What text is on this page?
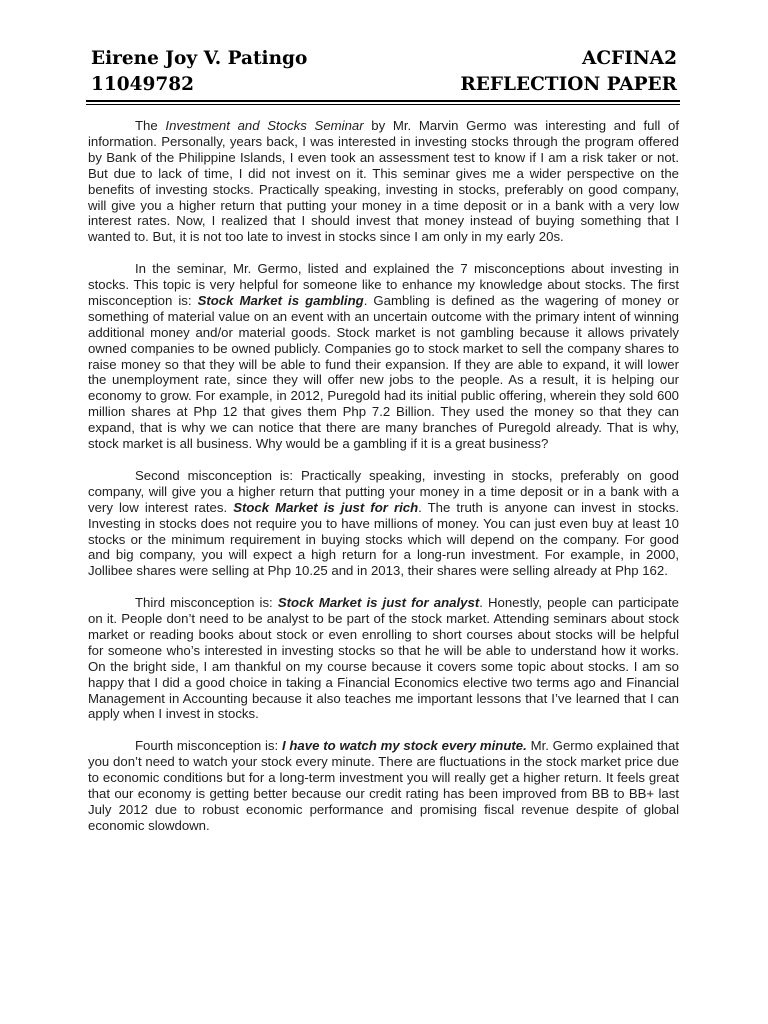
Eirene Joy V. Patingo	ACFINA2
11049782	REFLECTION PAPER

The Investment and Stocks Seminar by Mr. Marvin Germo was interesting and full of information. Personally, years back, I was interested in investing stocks through the program offered by Bank of the Philippine Islands, I even took an assessment test to know if I am a risk taker or not. But due to lack of time, I did not invest on it. This seminar gives me a wider perspective on the benefits of investing stocks. Practically speaking, investing in stocks, preferably on good company, will give you a higher return that putting your money in a time deposit or in a bank with a very low interest rates. Now, I realized that I should invest that money instead of buying something that I wanted to. But, it is not too late to invest in stocks since I am only in my early 20s.

In the seminar, Mr. Germo, listed and explained the 7 misconceptions about investing in stocks. This topic is very helpful for someone like to enhance my knowledge about stocks. The first misconception is: Stock Market is gambling. Gambling is defined as the wagering of money or something of material value on an event with an uncertain outcome with the primary intent of winning additional money and/or material goods. Stock market is not gambling because it allows privately owned companies to be owned publicly. Companies go to stock market to sell the company shares to raise money so that they will be able to fund their expansion. If they are able to expand, it will lower the unemployment rate, since they will offer new jobs to the people. As a result, it is helping our economy to grow. For example, in 2012, Puregold had its initial public offering, wherein they sold 600 million shares at Php 12 that gives them Php 7.2 Billion. They used the money so that they can expand, that is why we can notice that there are many branches of Puregold already. That is why, stock market is all business. Why would be a gambling if it is a great business?

Second misconception is: Practically speaking, investing in stocks, preferably on good company, will give you a higher return that putting your money in a time deposit or in a bank with a very low interest rates. Stock Market is just for rich. The truth is anyone can invest in stocks. Investing in stocks does not require you to have millions of money. You can just even buy at least 10 stocks or the minimum requirement in buying stocks which will depend on the company. For good and big company, you will expect a high return for a long-run investment. For example, in 2000, Jollibee shares were selling at Php 10.25 and in 2013, their shares were selling already at Php 162.

Third misconception is: Stock Market is just for analyst. Honestly, people can participate on it. People don’t need to be analyst to be part of the stock market. Attending seminars about stock market or reading books about stock or even enrolling to short courses about stocks will be helpful for someone who’s interested in investing stocks so that he will be able to understand how it works. On the bright side, I am thankful on my course because it covers some topic about stocks. I am so happy that I did a good choice in taking a Financial Economics elective two terms ago and Financial Management in Accounting because it also teaches me important lessons that I’ve learned that I can apply when I invest in stocks.

Fourth misconception is: I have to watch my stock every minute. Mr. Germo explained that you don’t need to watch your stock every minute. There are fluctuations in the stock market price due to economic conditions but for a long-term investment you will really get a higher return. It feels great that our economy is getting better because our credit rating has been improved from BB to BB+ last July 2012 due to robust economic performance and promising fiscal revenue despite of global economic slowdown.
